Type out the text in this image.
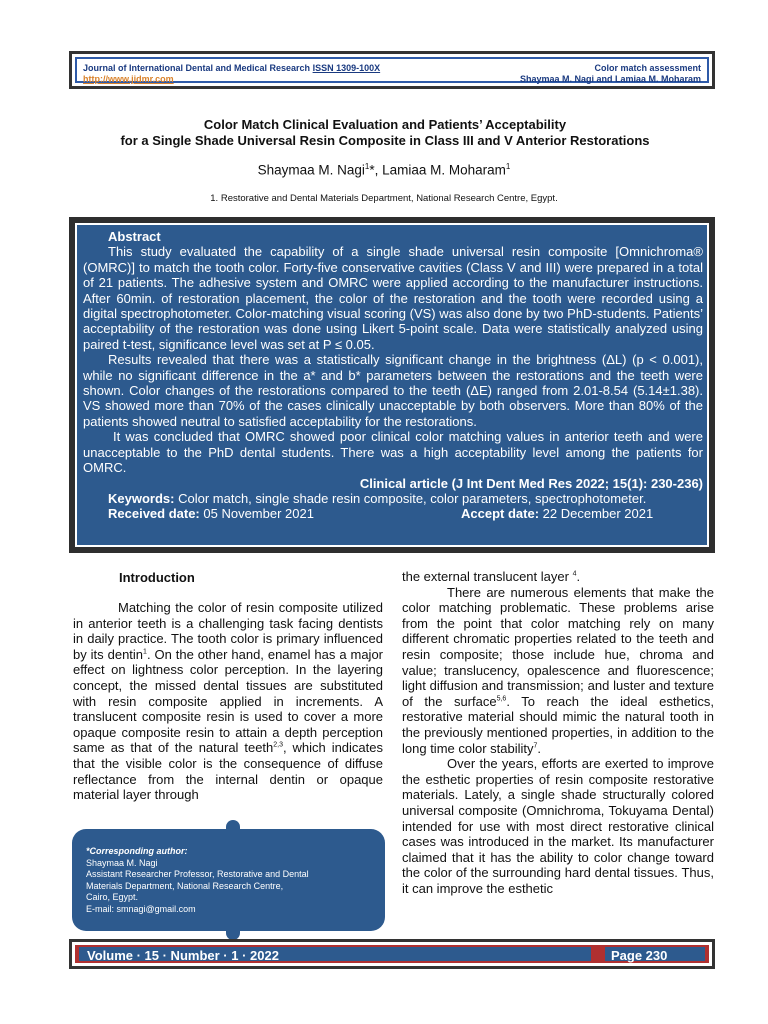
Journal of International Dental and Medical Research ISSN 1309-100X
http://www.jidmr.com
Color match assessment
Shaymaa M. Nagi and Lamiaa M. Moharam
Color Match Clinical Evaluation and Patients’ Acceptability
for a Single Shade Universal Resin Composite in Class III and V Anterior Restorations
Shaymaa M. Nagi$^1$*, Lamiaa M. Moharam$^1$
1. Restorative and Dental Materials Department, National Research Centre, Egypt.
Abstract

This study evaluated the capability of a single shade universal resin composite [Omnichroma® (OMRC)] to match the tooth color. Forty-five conservative cavities (Class V and III) were prepared in a total of 21 patients. The adhesive system and OMRC were applied according to the manufacturer instructions. After 60min. of restoration placement, the color of the restoration and the tooth were recorded using a digital spectrophotometer. Color-matching visual scoring (VS) was also done by two PhD-students. Patients’ acceptability of the restoration was done using Likert 5-point scale. Data were statistically analyzed using paired t-test, significance level was set at P ≤ 0.05.

Results revealed that there was a statistically significant change in the brightness (ΔL) (p < 0.001), while no significant difference in the a* and b* parameters between the restorations and the teeth were shown. Color changes of the restorations compared to the teeth (ΔE) ranged from 2.01-8.54 (5.14±1.38). VS showed more than 70% of the cases clinically unacceptable by both observers. More than 80% of the patients showed neutral to satisfied acceptability for the restorations.

It was concluded that OMRC showed poor clinical color matching values in anterior teeth and were unacceptable to the PhD dental students. There was a high acceptability level among the patients for OMRC.

Clinical article (J Int Dent Med Res 2022; 15(1): 230-236)
Keywords: Color match, single shade resin composite, color parameters, spectrophotometer.
Received date: 05 November 2021	Accept date: 22 December 2021
Introduction

Matching the color of resin composite utilized in anterior teeth is a challenging task facing dentists in daily practice. The tooth color is primary influenced by its dentin$^1$. On the other hand, enamel has a major effect on lightness color perception. In the layering concept, the missed dental tissues are substituted with resin composite applied in increments. A translucent composite resin is used to cover a more opaque composite resin to attain a depth perception same as that of the natural teeth$^{2,3}$, which indicates that the visible color is the consequence of diffuse reflectance from the internal dentin or opaque material layer through

the external translucent layer $^4$.

There are numerous elements that make the color matching problematic. These problems arise from the point that color matching rely on many different chromatic properties related to the teeth and resin composite; those include hue, chroma and value; translucency, opalescence and fluorescence; light diffusion and transmission; and luster and texture of the surface$^{5,6}$. To reach the ideal esthetics, restorative material should mimic the natural tooth in the previously mentioned properties, in addition to the long time color stability$^7$.

Over the years, efforts are exerted to improve the esthetic properties of resin composite restorative materials. Lately, a single shade structurally colored universal composite (Omnichroma, Tokuyama Dental) intended for use with most direct restorative clinical cases was introduced in the market. Its manufacturer claimed that it has the ability to color change toward the color of the surrounding hard dental tissues. Thus, it can improve the esthetic

*Corresponding author:
Shaymaa M. Nagi
Assistant Researcher Professor, Restorative and Dental
Materials Department, National Research Centre,
Cairo, Egypt.
E-mail: smnagi@gmail.com
Volume · 15 · Number · 1 · 2022	Page 230
